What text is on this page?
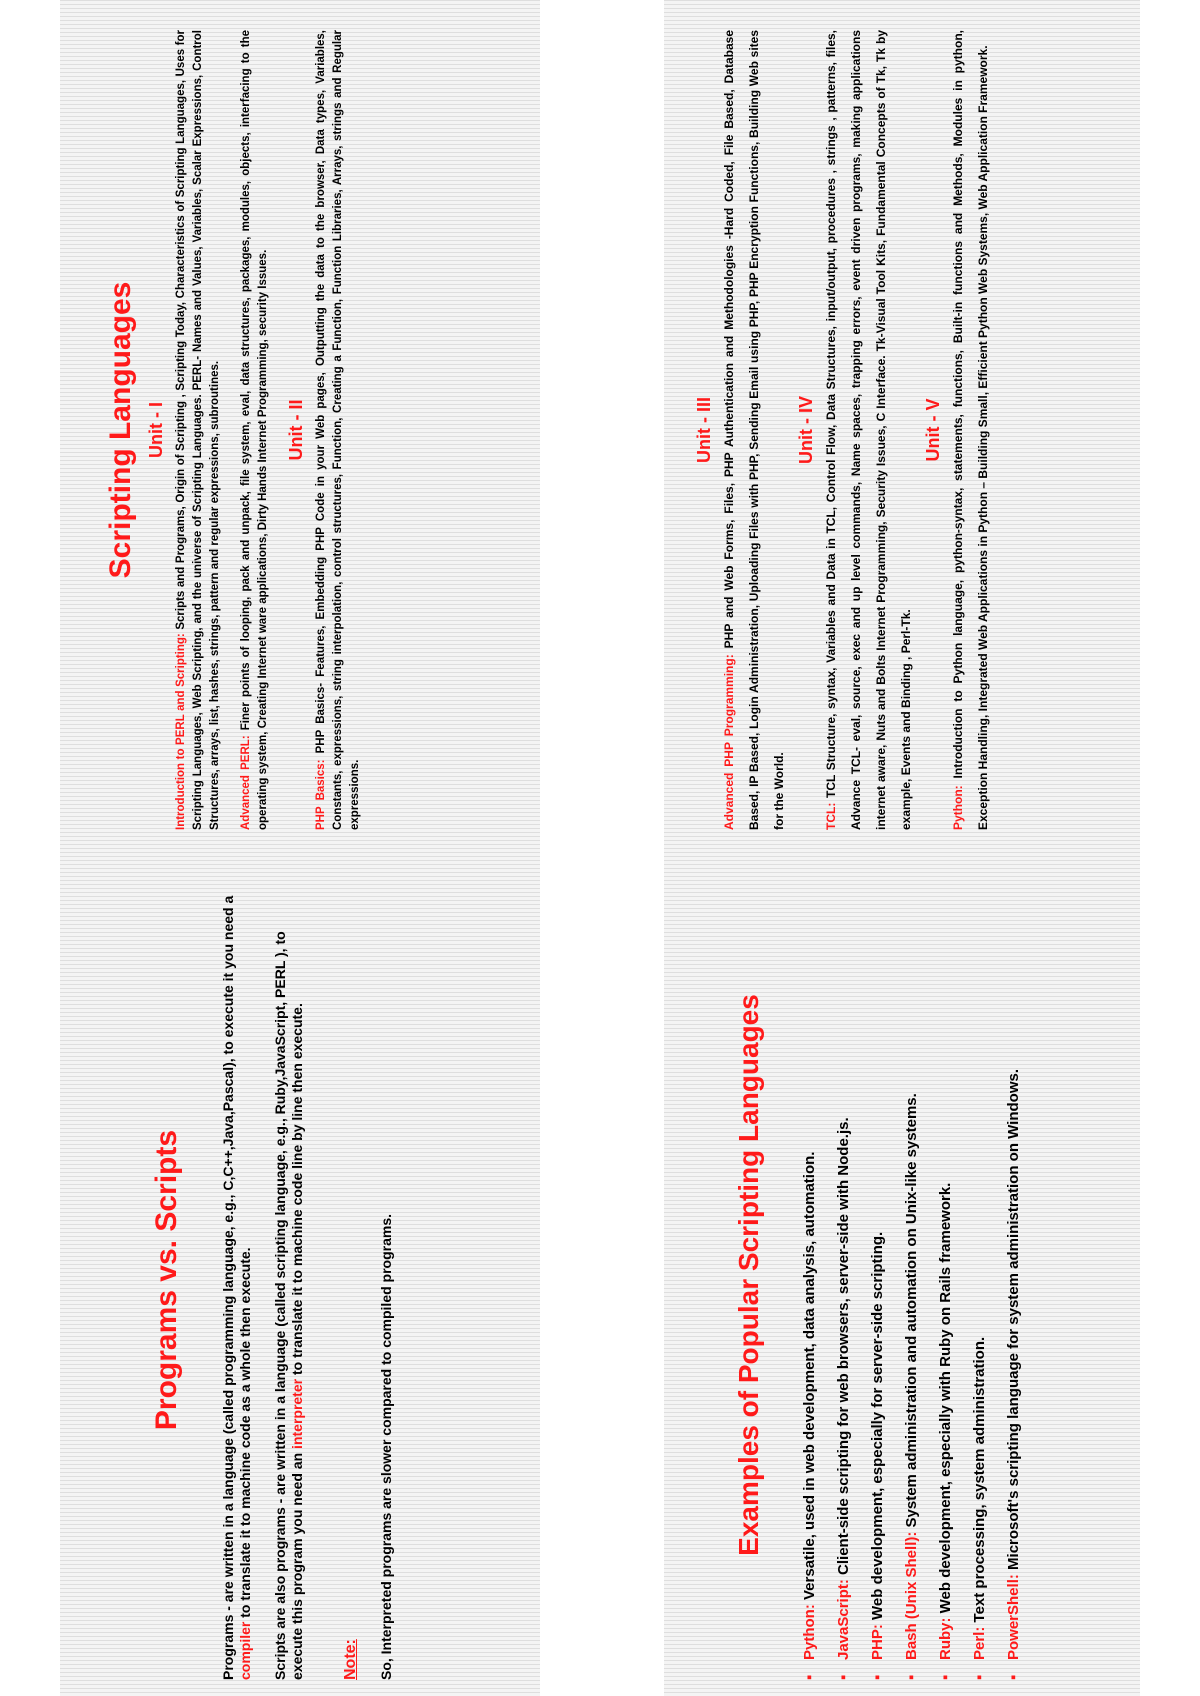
Scripting Languages Unit - I

Introduction to PERL and Scripting: Scripts and Programs, Origin of Scripting , Scripting Today, Characteristics of Scripting Languages, Uses for Scripting Languages, Web Scripting, and the universe of Scripting Languages. PERL- Names and Values, Variables, Scalar Expressions, Control Structures, arrays, list, hashes, strings, pattern and regular expressions, subroutines. Advanced PERL: Finer points of looping, pack and unpack, file system, eval, data structures, packages, modules, objects, interfacing to the operating system, Creating Internet ware applications, Dirty Hands Internet Programming, security Issues. Unit - II

PHP Basics: PHP Basics- Features, Embedding PHP Code in your Web pages, Outputting the data to the browser, Data types, Variables, Constants, expressions, string interpolation, control structures, Function, Creating a Function, Function Libraries, Arrays, strings and Regular expressions.

Programs vs. Scripts	Programs - are written in a language (called programming language, e.g., C,C++,Java,Pascal), to execute it you need a compiler to translate it to machine code as a whole then execute. Scripts are also programs - are written in a language (called scripting language, e.g., Ruby,JavaScript, PERL ), to execute this program you need an interpreter to translate it to machine code line by line then execute.

Note: So, Interpreted programs are slower compared to compiled programs.

Unit - III

Advanced PHP Programming: PHP and Web Forms, Files, PHP Authentication and Methodologies -Hard Coded, File Based, Database Based, IP Based, Login Administration, Uploading Files with PHP, Sending Email using PHP, PHP Encryption Functions, Building Web sites for the World.

Unit - IV

TCL: TCL Structure, syntax, Variables and Data in TCL, Control Flow, Data Structures, input/output, procedures , strings , patterns, files, Advance TCL- eval, source, exec and up level commands, Name spaces, trapping errors, event driven programs, making applications internet aware, Nuts and Bolts Internet Programming, Security Issues, C Interface. Tk-Visual Tool Kits, Fundamental Concepts of Tk, Tk by example, Events and Binding , Perl-Tk.

Unit - V

Python: Introduction to Python language, python-syntax, statements, functions, Built-in functions and Methods, Modules in python, Exception Handling, Integrated Web Applications in Python – Building Small, Efficient Python Web Systems, Web Application Framework.

Examples of Popular Scripting Languages
▪
Python: Versatile, used in web development, data analysis, automation.
▪
JavaScript: Client-side scripting for web browsers, server-side with Node.js.
▪
PHP: Web development, especially for server-side scripting.
▪
Bash (Unix Shell): System administration and automation on Unix-like systems.
▪
Ruby: Web development, especially with Ruby on Rails framework.
▪
Perl: Text processing, system administration.
▪
PowerShell: Microsoft's scripting language for system administration on Windows.
